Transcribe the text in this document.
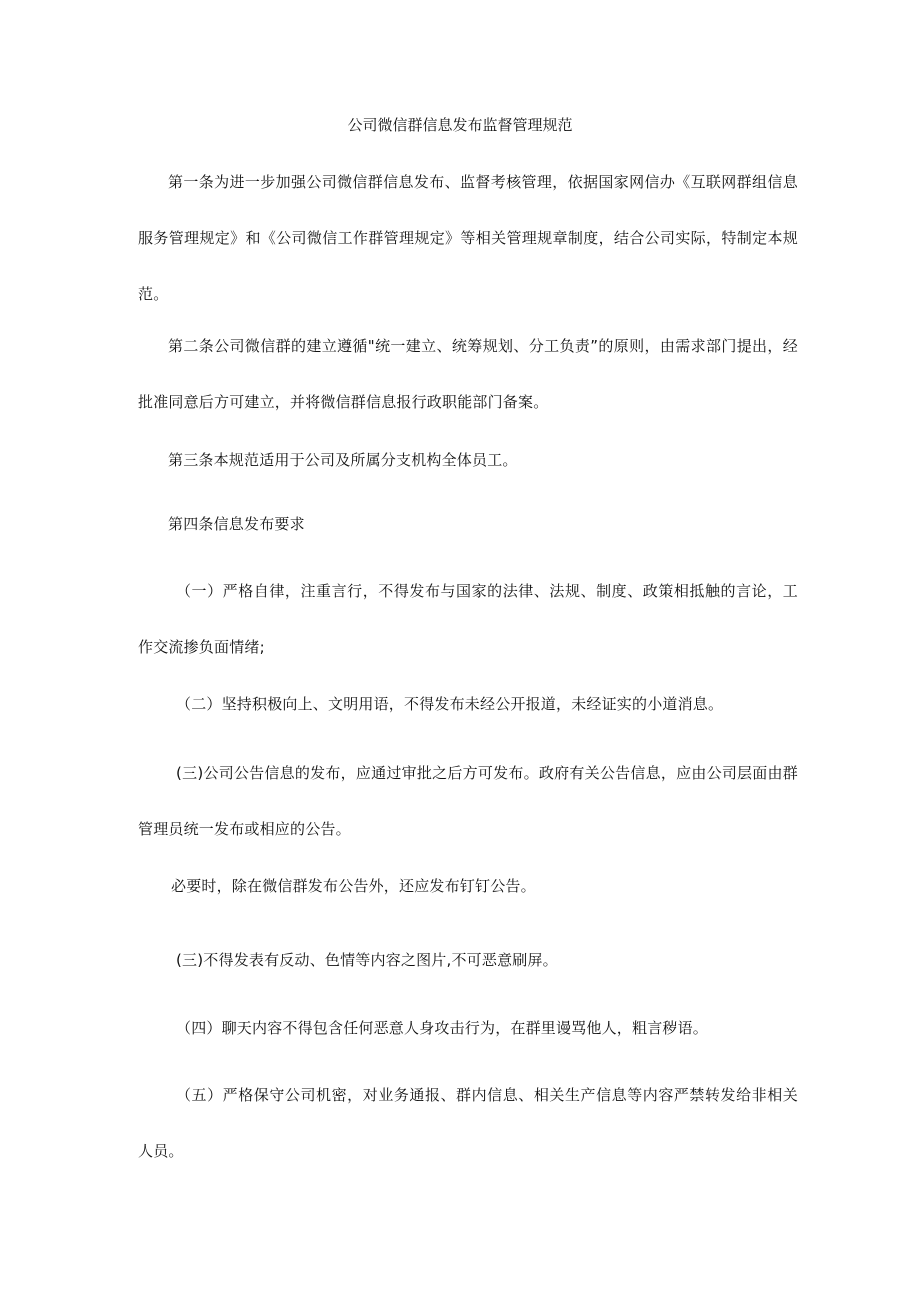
公司微信群信息发布监督管理规范

第一条为进一步加强公司微信群信息发布、监督考核管理，依据国家网信办《互联网群组信息服务管理规定》和《公司微信工作群管理规定》等相关管理规章制度，结合公司实际，特制定本规范。

第二条公司微信群的建立遵循"统一建立、统筹规划、分工负责”的原则，由需求部门提出，经批准同意后方可建立，并将微信群信息报行政职能部门备案。

第三条本规范适用于公司及所属分支机构全体员工。

第四条信息发布要求

（一）严格自律，注重言行，不得发布与国家的法律、法规、制度、政策相抵触的言论，工作交流掺负面情绪;

（二）坚持积极向上、文明用语，不得发布未经公开报道，未经证实的小道消息。

(三)公司公告信息的发布，应通过审批之后方可发布。政府有关公告信息，应由公司层面由群管理员统一发布或相应的公告。

必要时，除在微信群发布公告外，还应发布钉钉公告。

(三)不得发表有反动、色情等内容之图片,不可恶意刷屏。

（四）聊天内容不得包含任何恶意人身攻击行为，在群里谩骂他人，粗言秽语。

（五）严格保守公司机密，对业务通报、群内信息、相关生产信息等内容严禁转发给非相关人员。
